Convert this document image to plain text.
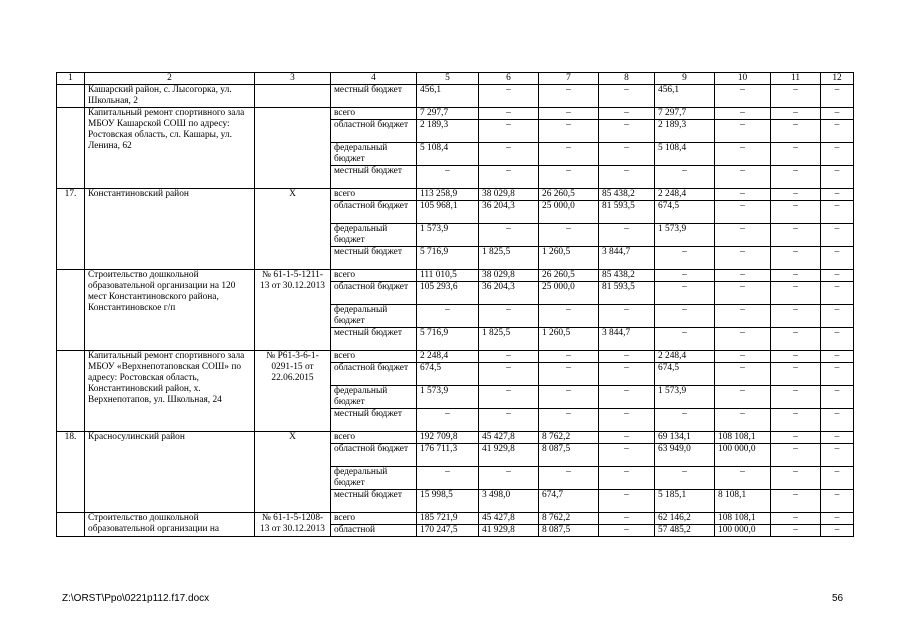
1	2	3	4	5	6	7	8	9	10	11	12
	Кашарский район, с. Лысогорка, ул. Школьная, 2		местный бюджет	456,1	–	–	–	456,1	–	–	–
	Капитальный ремонт спортивного зала МБОУ Кашарской СОШ по адресу: Ростовская область, сл. Кашары, ул. Ленина, 62		всего	7 297,7	–	–	–	7 297,7	–	–	–
			областной бюджет	2 189,3	–	–	–	2 189,3	–	–	–
			федеральный бюджет	5 108,4	–	–	–	5 108,4	–	–	–
			местный бюджет	–	–	–	–	–	–	–	–
17.	Константиновский район	Х	всего	113 258,9	38 029,8	26 260,5	85 438,2	2 248,4	–	–	–
			областной бюджет	105 968,1	36 204,3	25 000,0	81 593,5	674,5	–	–	–
			федеральный бюджет	1 573,9	–	–	–	1 573,9	–	–	–
			местный бюджет	5 716,9	1 825,5	1 260,5	3 844,7	–	–	–	–
	Строительство дошкольной образовательной организации на 120 мест Константиновского района, Константиновское г/п	№ 61-1-5-1211-13 от 30.12.2013	всего	111 010,5	38 029,8	26 260,5	85 438,2	–	–	–	–
			областной бюджет	105 293,6	36 204,3	25 000,0	81 593,5	–	–	–	–
			федеральный бюджет	–	–	–	–	–	–	–	–
			местный бюджет	5 716,9	1 825,5	1 260,5	3 844,7	–	–	–	–
	Капитальный ремонт спортивного зала МБОУ «Верхнепотаповская СОШ» по адресу: Ростовская область, Константиновский район, х. Верхнепотапов, ул. Школьная, 24	№ Р61-3-6-1-0291-15 от 22.06.2015	всего	2 248,4	–	–	–	2 248,4	–	–	–
			областной бюджет	674,5	–	–	–	674,5	–	–	–
			федеральный бюджет	1 573,9	–	–	–	1 573,9	–	–	–
			местный бюджет	–	–	–	–	–	–	–	–
18.	Красносулинский район	Х	всего	192 709,8	45 427,8	8 762,2	–	69 134,1	108 108,1	–	–
			областной бюджет	176 711,3	41 929,8	8 087,5	–	63 949,0	100 000,0	–	–
			федеральный бюджет	–	–	–	–	–	–	–	–
			местный бюджет	15 998,5	3 498,0	674,7	–	5 185,1	8 108,1	–	–
	Строительство дошкольной образовательной организации на	№ 61-1-5-1208-13 от 30.12.2013	всего	185 721,9	45 427,8	8 762,2	–	62 146,2	108 108,1	–	–
			областной	170 247,5	41 929,8	8 087,5	–	57 485,2	100 000,0	–	–
Z:\ORST\Ppo\0221p112.f17.docx	56
